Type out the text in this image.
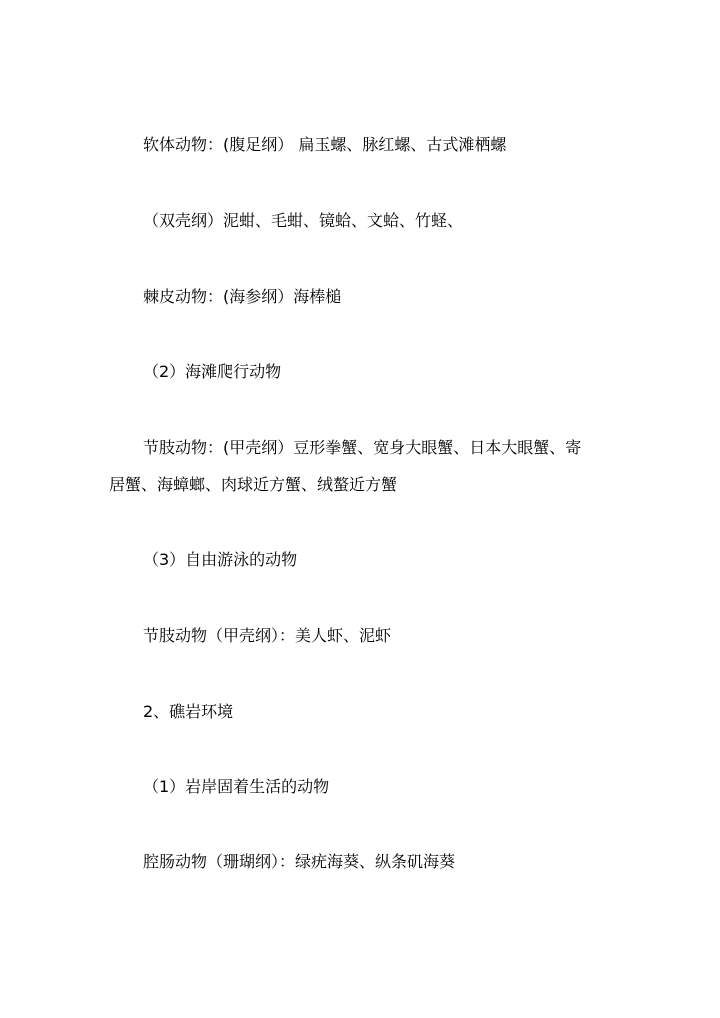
软体动物：(腹足纲） 扁玉螺、脉红螺、古式滩栖螺
（双壳纲）泥蚶、毛蚶、镜蛤、文蛤、竹蛏、
棘皮动物：(海参纲）海棒槌
（2）海滩爬行动物
节肢动物：(甲壳纲）豆形拳蟹、宽身大眼蟹、日本大眼蟹、寄
居蟹、海蟑螂、肉球近方蟹、绒螯近方蟹
（3）自由游泳的动物
节肢动物（甲壳纲）：美人虾、泥虾
2、礁岩环境
（1）岩岸固着生活的动物
腔肠动物（珊瑚纲）：绿疣海葵、纵条矶海葵
